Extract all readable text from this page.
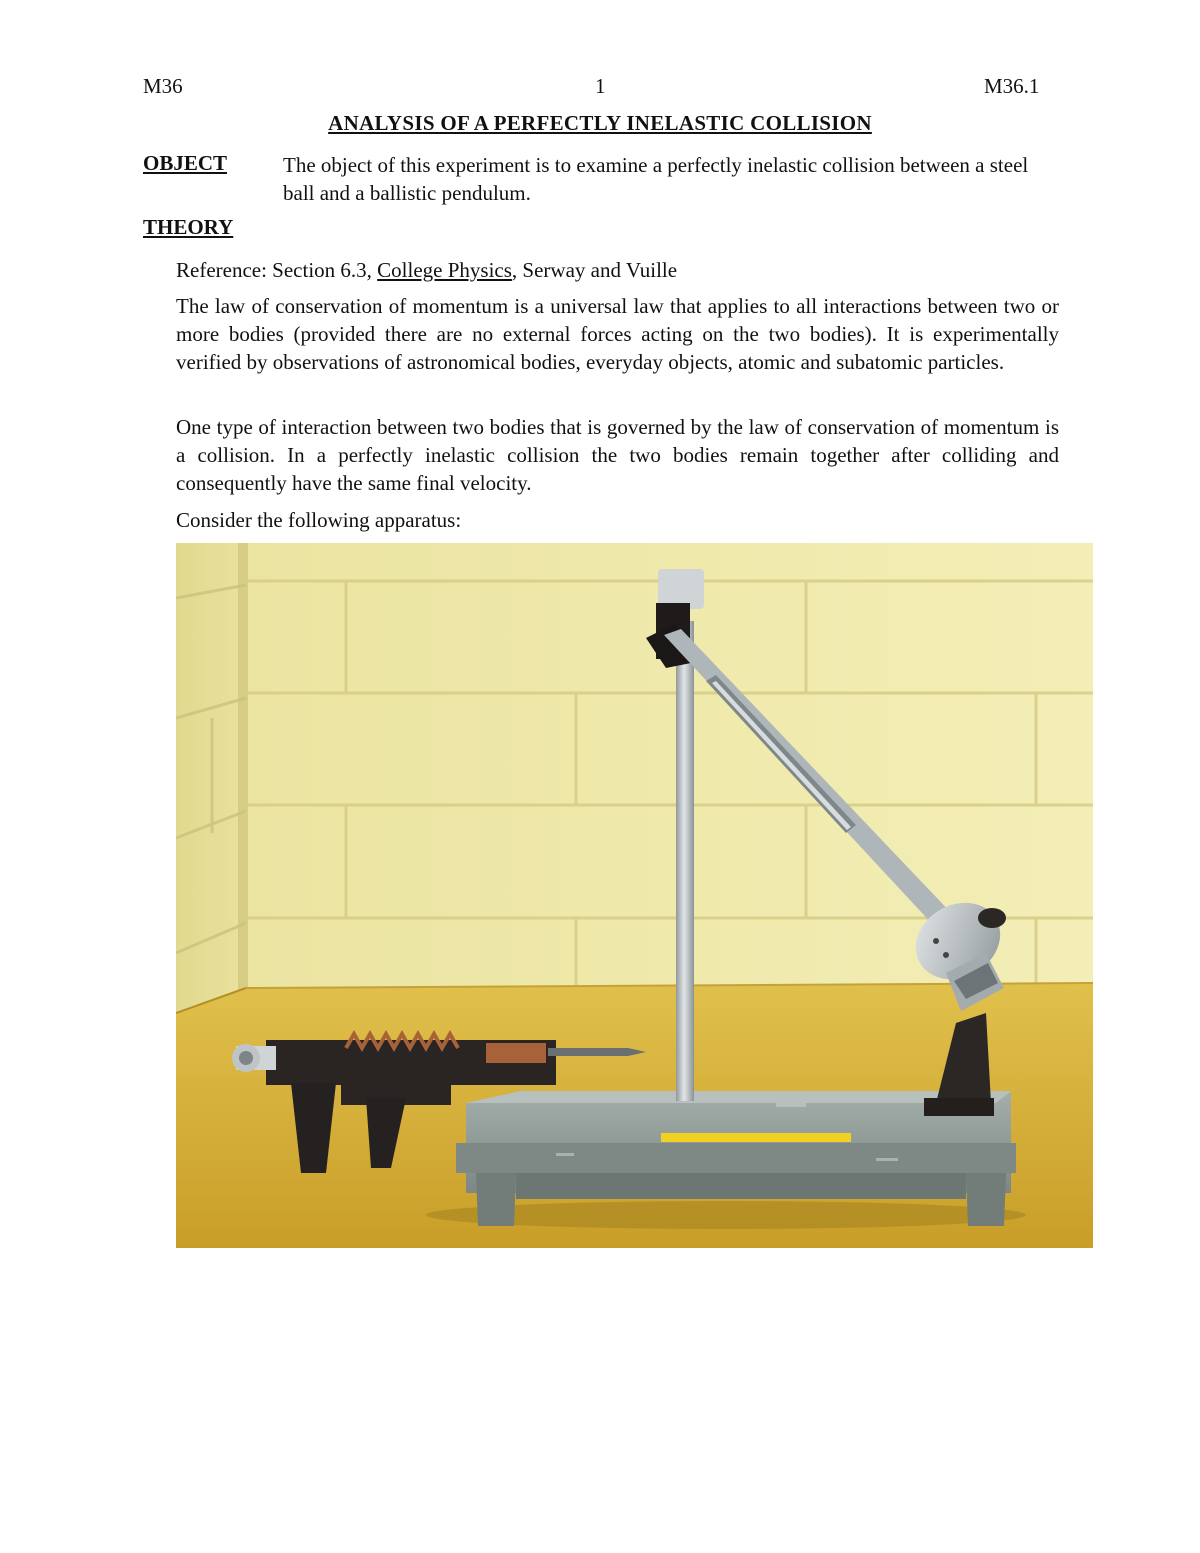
M36	1	M36.1
ANALYSIS OF A PERFECTLY INELASTIC COLLISION
OBJECT	The object of this experiment is to examine a perfectly inelastic collision between a steel ball and a ballistic pendulum.
THEORY
Reference: Section 6.3, College Physics, Serway and Vuille
The law of conservation of momentum is a universal law that applies to all interactions between two or more bodies (provided there are no external forces acting on the two bodies). It is experimentally verified by observations of astronomical bodies, everyday objects, atomic and subatomic particles.
One type of interaction between two bodies that is governed by the law of conservation of momentum is a collision. In a perfectly inelastic collision the two bodies remain together after colliding and consequently have the same final velocity.
Consider the following apparatus:
